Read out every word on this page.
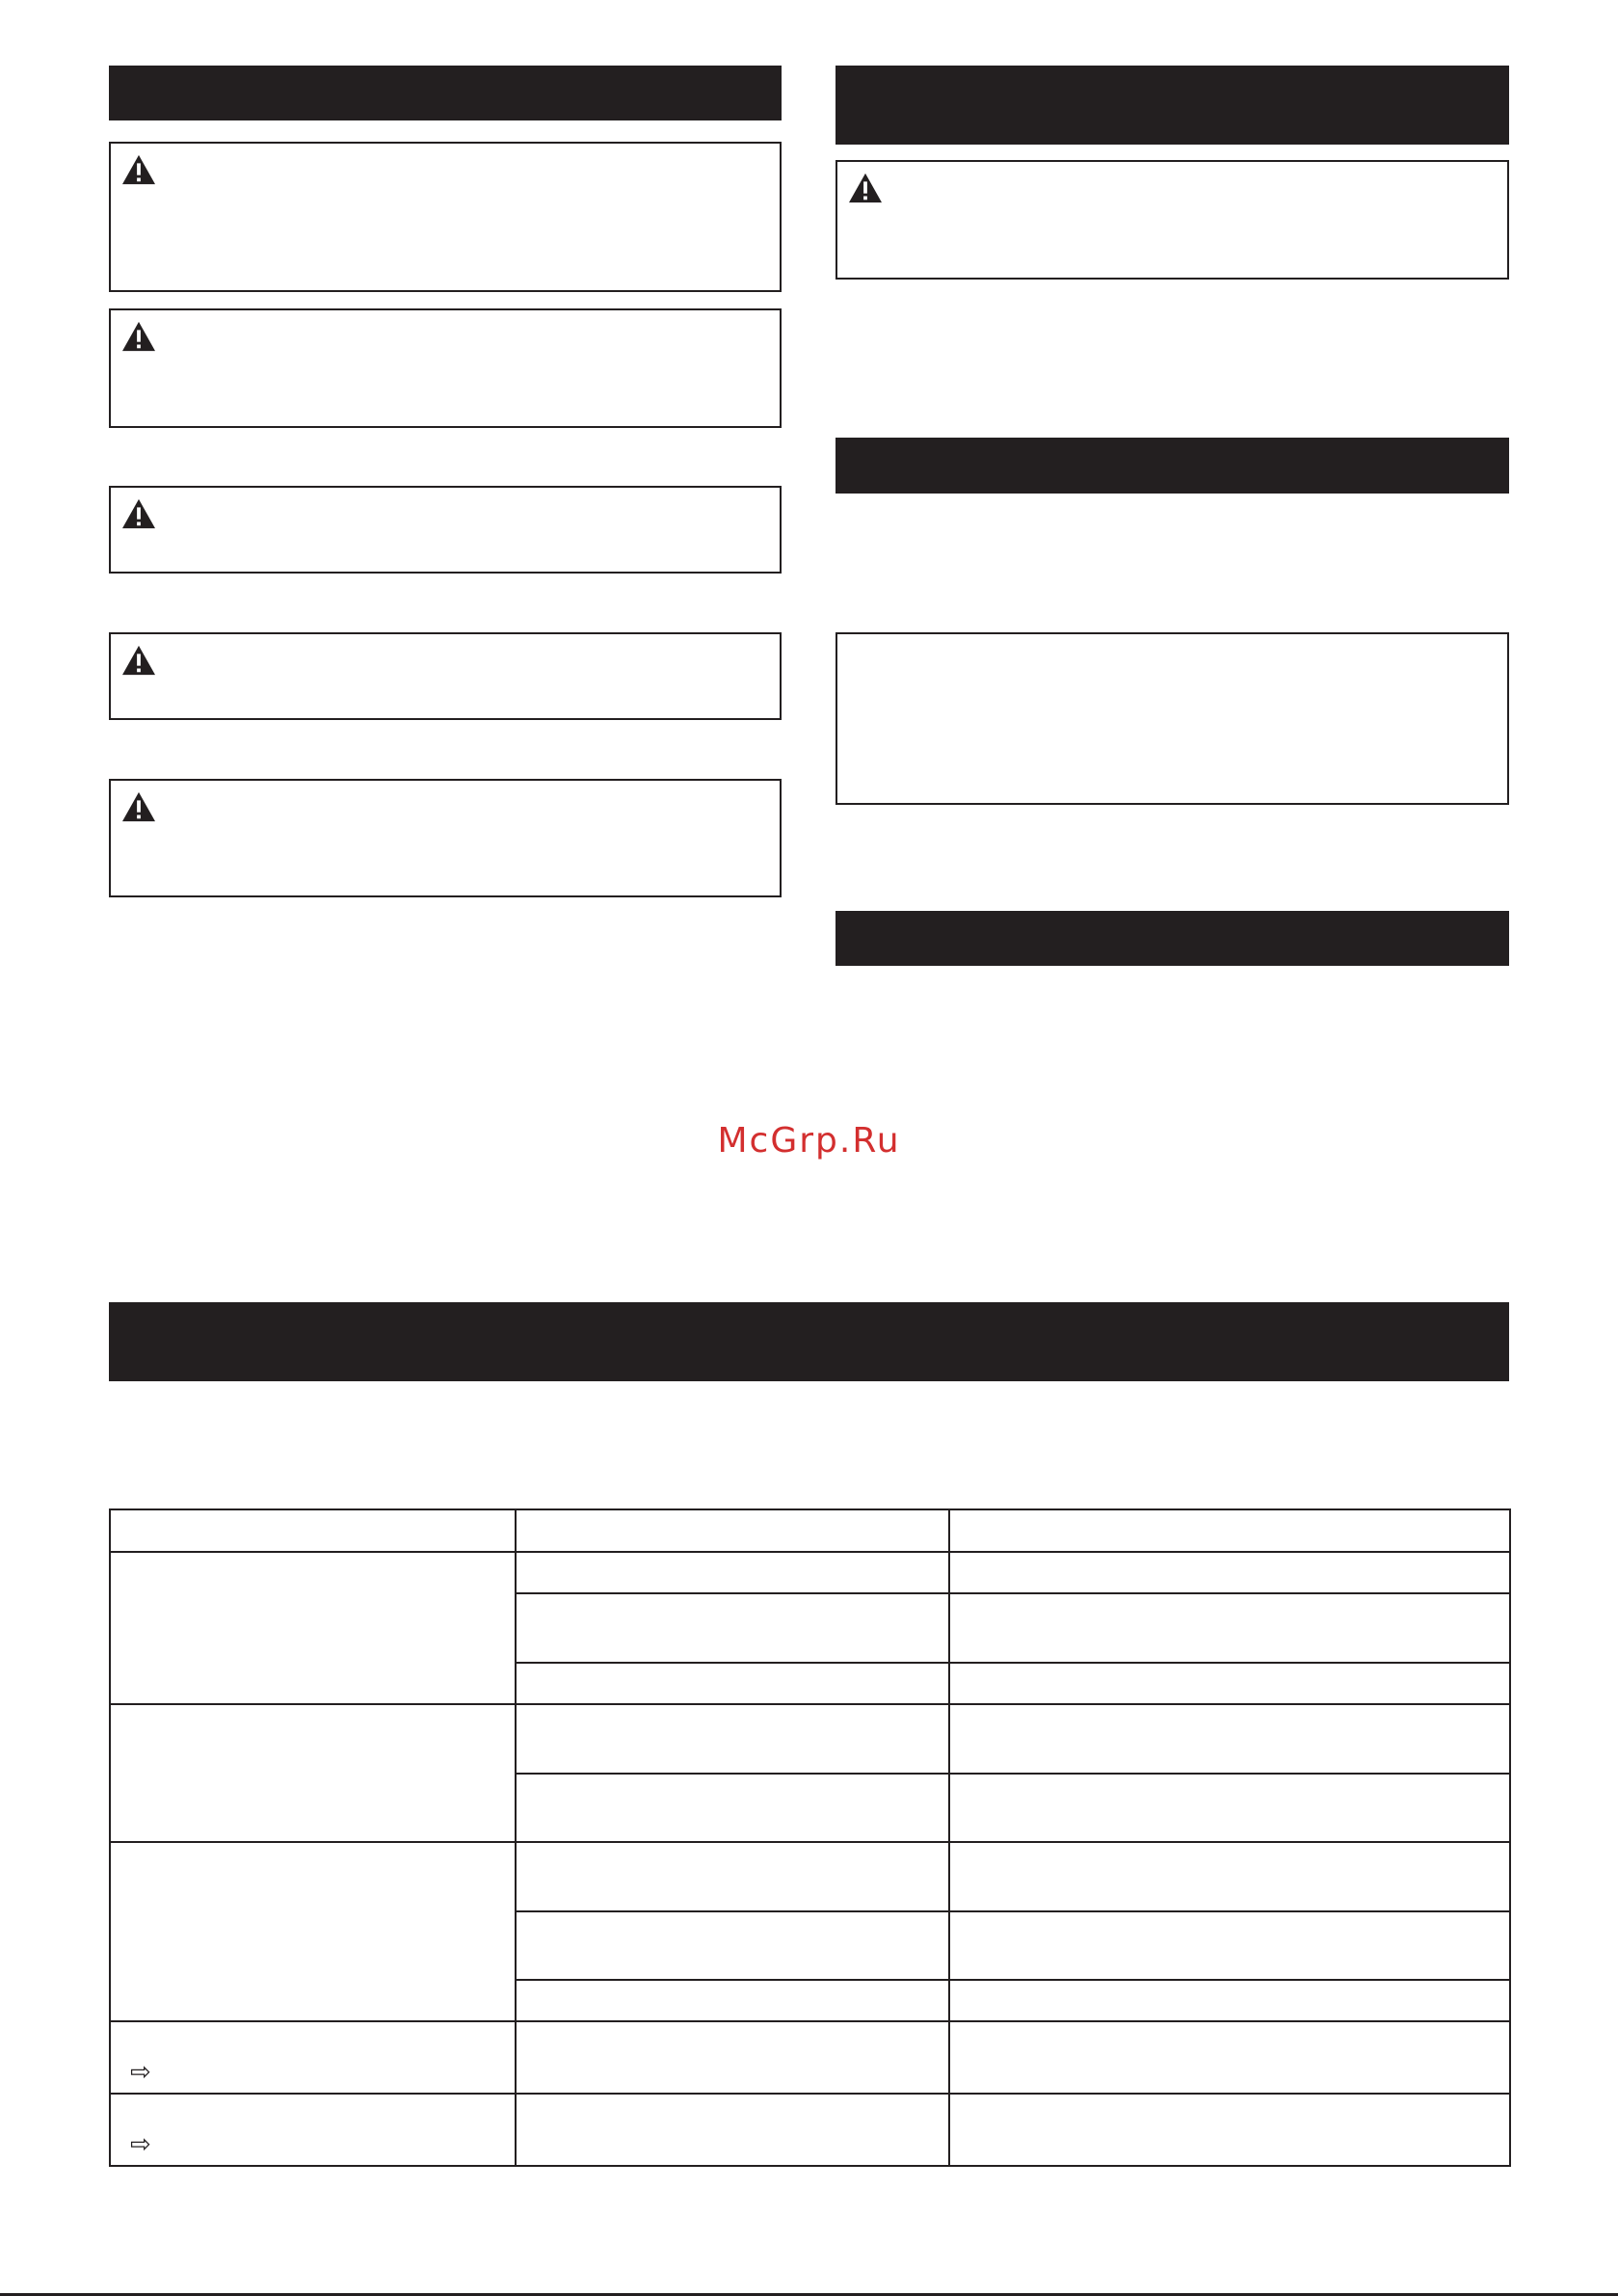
McGrp.Ru

⇨		
⇨		
